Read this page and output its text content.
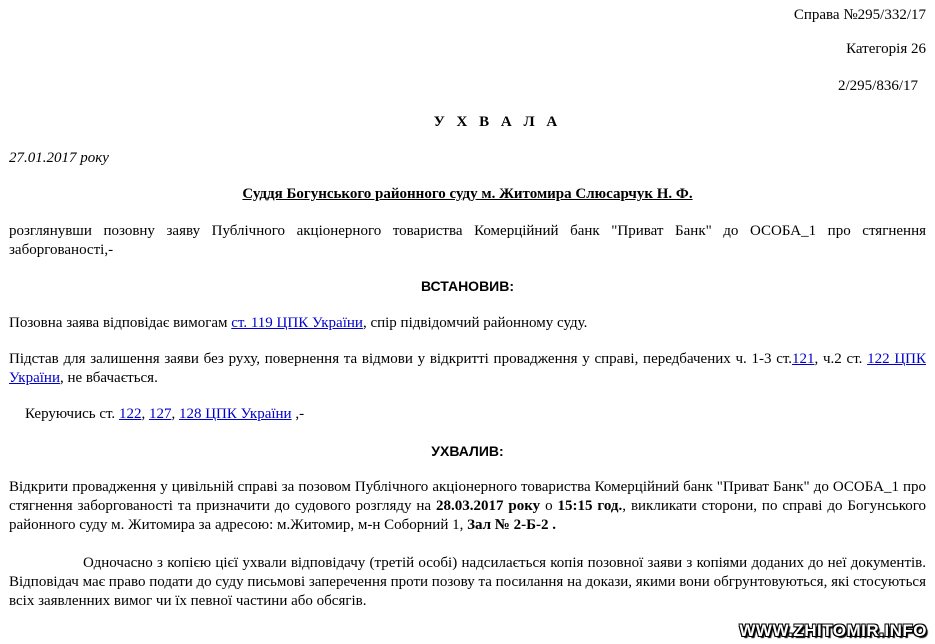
Справа №295/332/17
Категорія 26
2/295/836/17
У Х В А Л А
27.01.2017 року
Суддя Богунського районного суду м. Житомира Слюсарчук Н. Ф.
розглянувши позовну заяву Публічного акціонерного товариства Комерційний банк "Приват Банк" до ОСОБА_1 про стягнення заборгованості,-
ВСТАНОВИВ:
Позовна заява відповідає вимогам ст. 119 ЦПК України, спір підвідомчий районному суду.
Підстав для залишення заяви без руху, повернення та відмови у відкритті провадження у справі, передбачених ч. 1-3 ст.121, ч.2 ст. 122 ЦПК України, не вбачається.
Керуючись ст. 122, 127, 128 ЦПК України ,-
УХВАЛИВ:
Відкрити провадження у цивільній справі за позовом Публічного акціонерного товариства Комерційний банк "Приват Банк" до ОСОБА_1 про стягнення заборгованості та призначити до судового розгляду на 28.03.2017 року о 15:15 год., викликати сторони, по справі до Богунського районного суду м. Житомира за адресою: м.Житомир, м-н Соборний 1, Зал № 2-Б-2 .
Одночасно з копією цієї ухвали відповідачу (третій особі) надсилається копія позовної заяви з копіями доданих до неї документів. Відповідач має право подати до суду письмові заперечення проти позову та посилання на докази, якими вони обгрунтовуються, які стосуються всіх заявленних вимог чи їх певної частини або обсягів.
WWW.ZHITOMIR.INFO
